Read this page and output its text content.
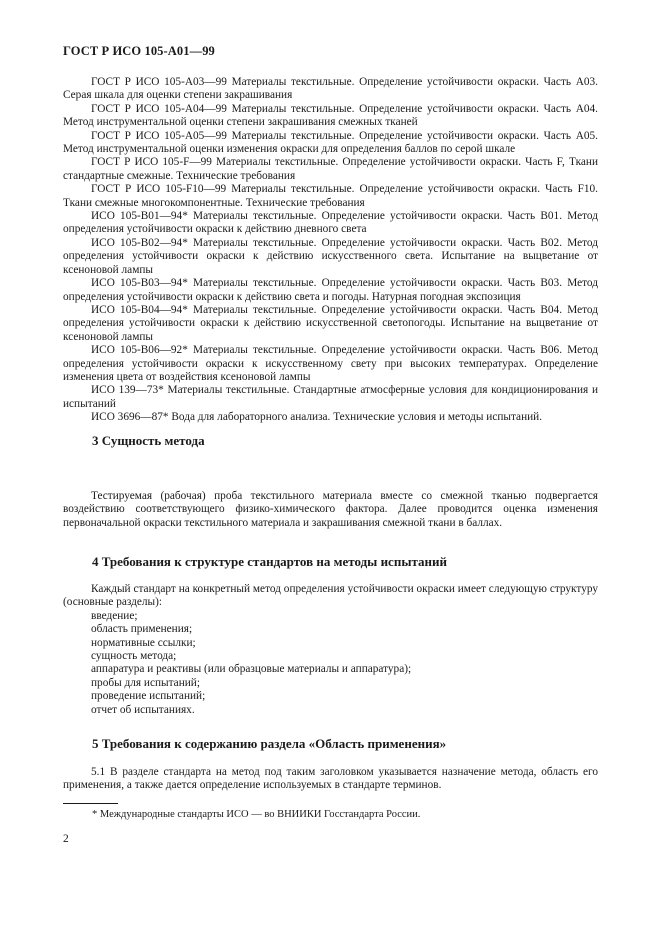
ГОСТ Р ИСО 105-А01—99

ГОСТ Р ИСО 105-А03—99 Материалы текстильные. Определение устойчивости окраски. Часть А03. Серая шкала для оценки степени закрашивания

ГОСТ Р ИСО 105-А04—99 Материалы текстильные. Определение устойчивости окраски. Часть А04. Метод инструментальной оценки степени закрашивания смежных тканей

ГОСТ Р ИСО 105-А05—99 Материалы текстильные. Определение устойчивости окраски. Часть А05. Метод инструментальной оценки изменения окраски для определения баллов по серой шкале

ГОСТ Р ИСО 105-F—99 Материалы текстильные. Определение устойчивости окраски. Часть F, Ткани стандартные смежные. Технические требования

ГОСТ Р ИСО 105-F10—99 Материалы текстильные. Определение устойчивости окраски. Часть F10. Ткани смежные многокомпонентные. Технические требования

ИСО 105-В01—94* Материалы текстильные. Определение устойчивости окраски. Часть В01. Метод определения устойчивости окраски к действию дневного света

ИСО 105-В02—94* Материалы текстильные. Определение устойчивости окраски. Часть В02. Метод определения устойчивости окраски к действию искусственного света. Испытание на выцветание от ксеноновой лампы

ИСО 105-В03—94* Материалы текстильные. Определение устойчивости окраски. Часть В03. Метод определения устойчивости окраски к действию света и погоды. Натурная погодная экспозиция

ИСО 105-В04—94* Материалы текстильные. Определение устойчивости окраски. Часть В04. Метод определения устойчивости окраски к действию искусственной светопогоды. Испытание на выцветание от ксеноновой лампы

ИСО 105-В06—92* Материалы текстильные. Определение устойчивости окраски. Часть В06. Метод определения устойчивости окраски к искусственному свету при высоких температурах. Определение изменения цвета от воздействия ксеноновой лампы

ИСО 139—73* Материалы текстильные. Стандартные атмосферные условия для кондиционирования и испытаний

ИСО 3696—87* Вода для лабораторного анализа. Технические условия и методы испытаний.

3 Сущность метода

Тестируемая (рабочая) проба текстильного материала вместе со смежной тканью подвергается воздействию соответствующего физико-химического фактора. Далее проводится оценка изменения первоначальной окраски текстильного материала и закрашивания смежной ткани в баллах.

4 Требования к структуре стандартов на методы испытаний

Каждый стандарт на конкретный метод определения устойчивости окраски имеет следующую структуру (основные разделы):

введение;
область применения;
нормативные ссылки;
сущность метода;
аппаратура и реактивы (или образцовые материалы и аппаратура);
пробы для испытаний;
проведение испытаний;
отчет об испытаниях.
5 Требования к содержанию раздела «Область применения»

5.1 В разделе стандарта на метод под таким заголовком указывается назначение метода, область его применения, а также дается определение используемых в стандарте терминов.

* Международные стандарты ИСО — во ВНИИКИ Госстандарта России.
2
